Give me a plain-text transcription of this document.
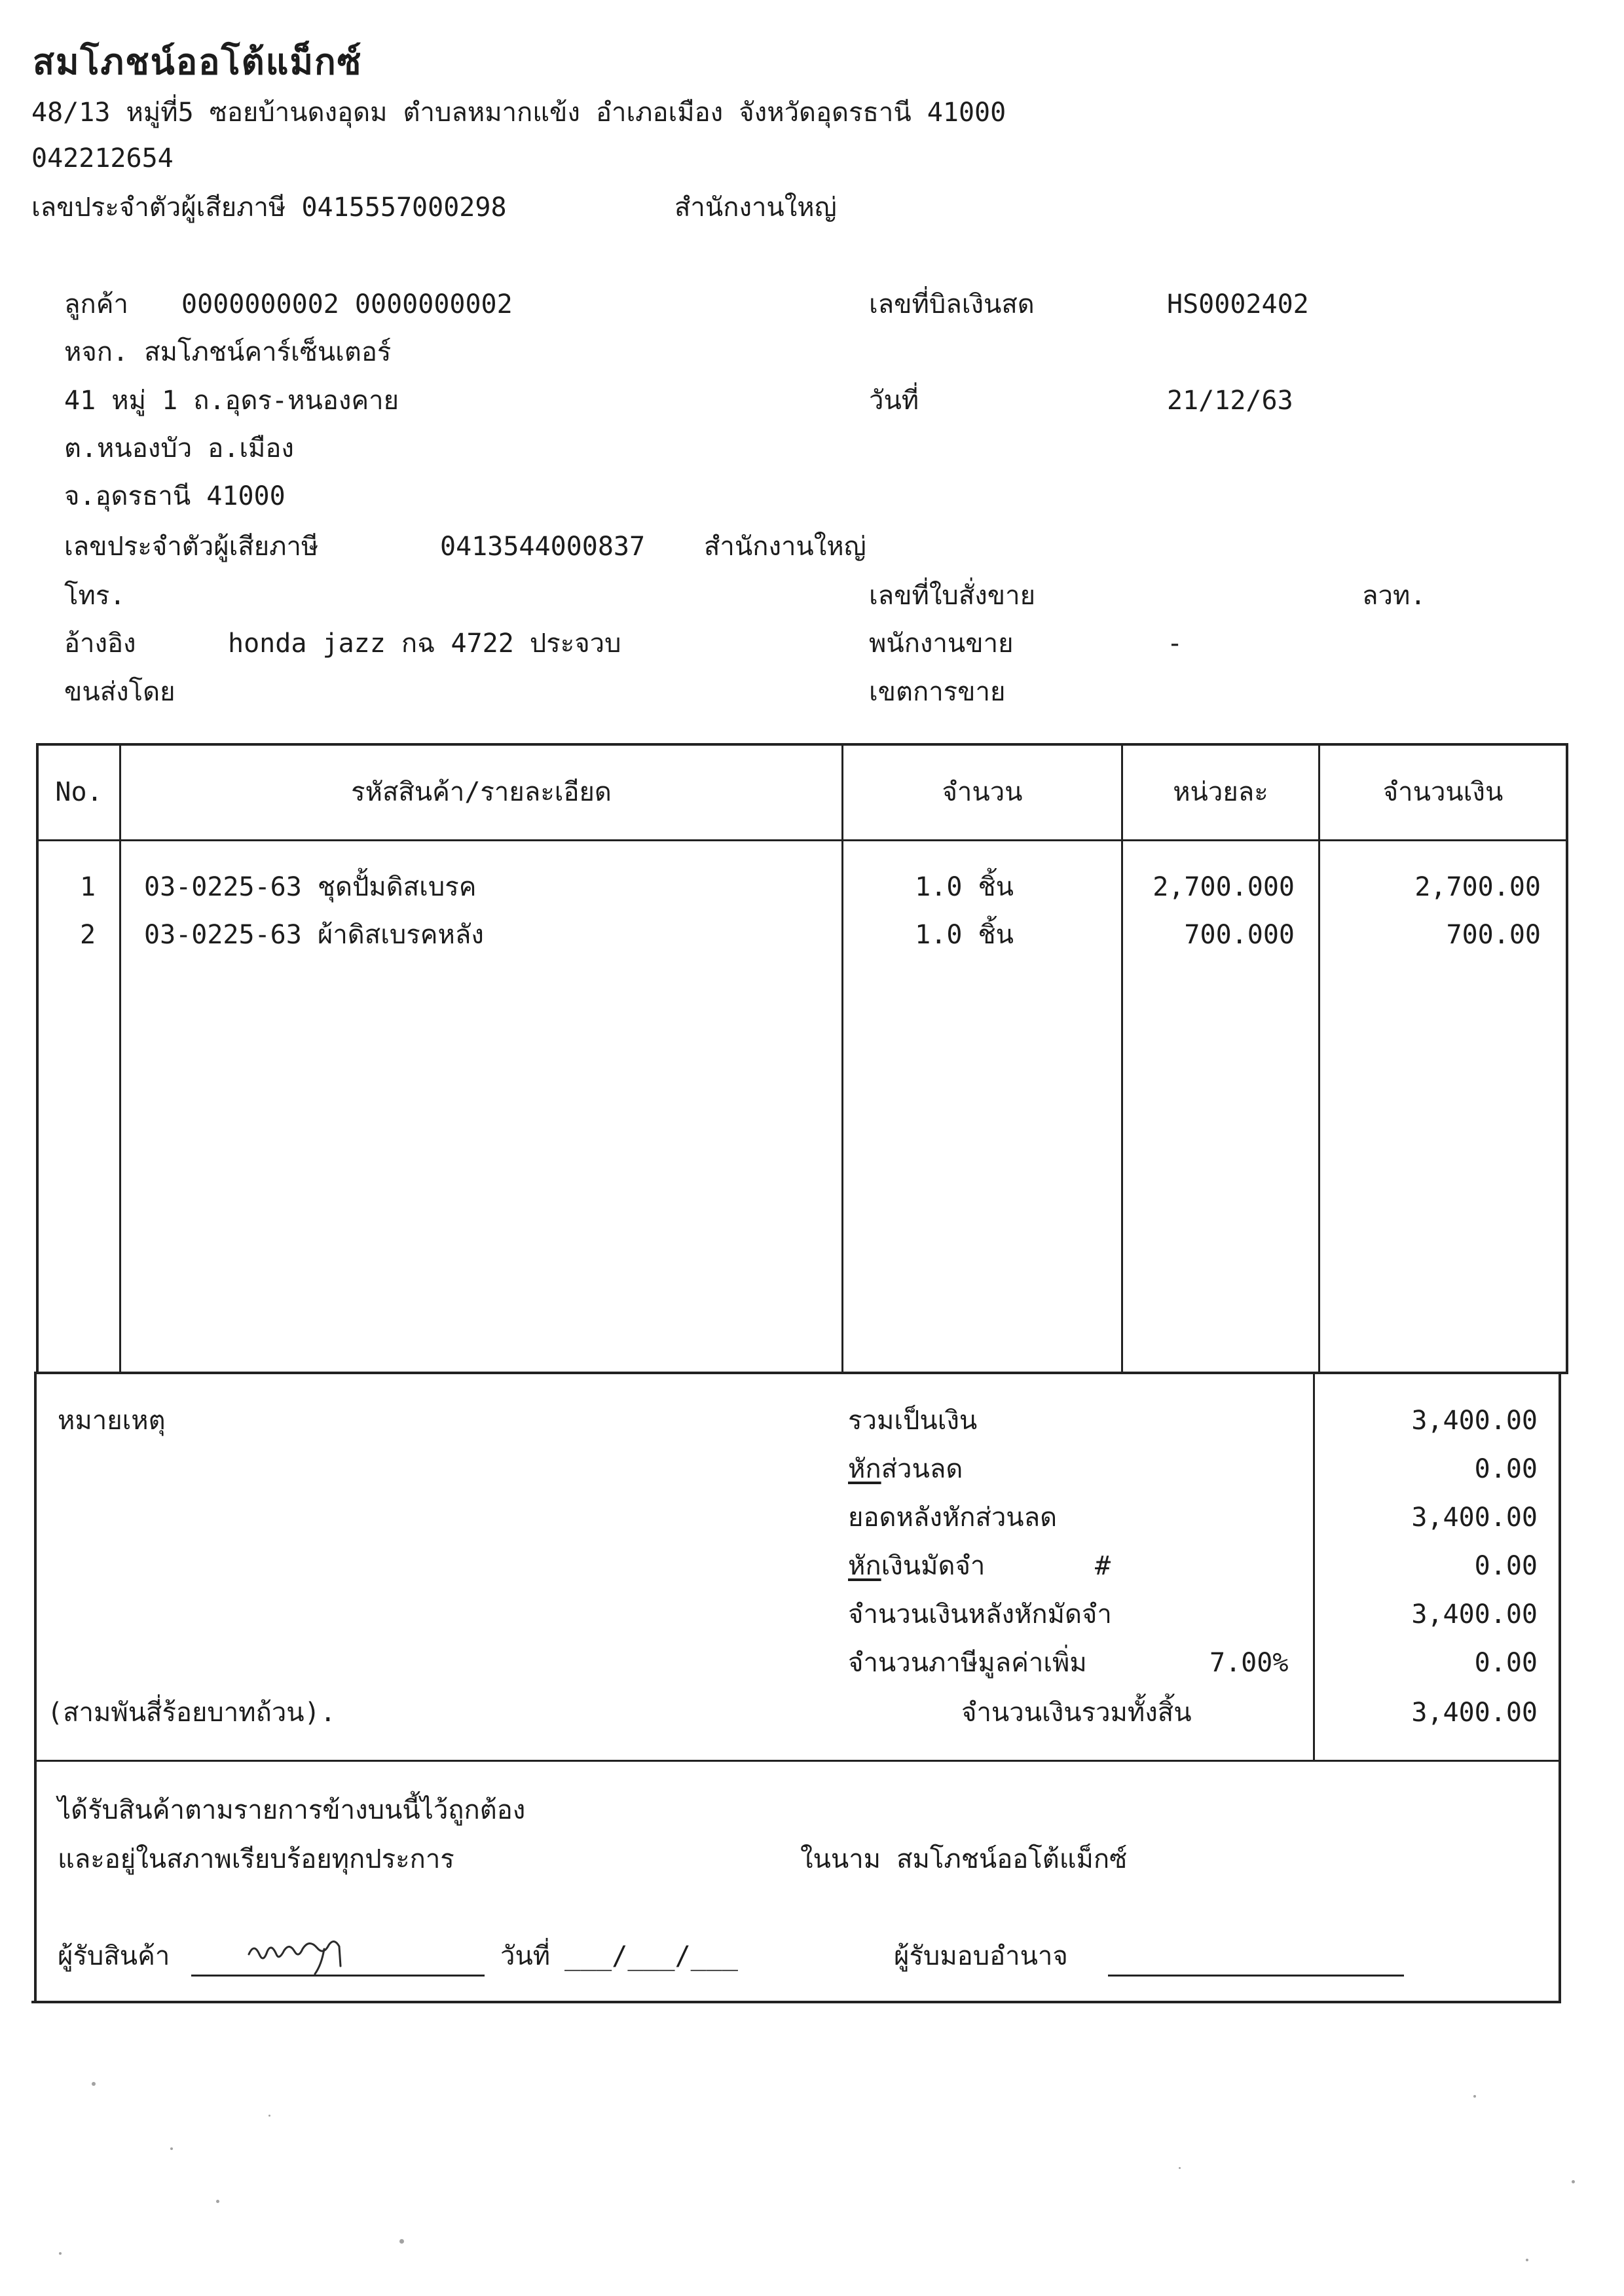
สมโภชน์ออโต้แม็กซ์
48/13 หมู่ที่5 ซอยบ้านดงอุดม ตำบลหมากแข้ง อำเภอเมือง จังหวัดอุดรธานี 41000
042212654
เลขประจำตัวผู้เสียภาษี 0415557000298	สำนักงานใหญ่
ลูกค้า 0000000002 0000000002
หจก. สมโภชน์คาร์เซ็นเตอร์
41 หมู่ 1 ถ.อุดร-หนองคาย
ต.หนองบัว อ.เมือง
จ.อุดรธานี 41000
เลขประจำตัวผู้เสียภาษี	0413544000837 สำนักงานใหญ่
โทร.
อ้างอิง	honda jazz กฉ 4722 ประจวบ
ขนส่งโดย
เลขที่บิลเงินสด	HS0002402
วันที่	21/12/63
เลขที่ใบสั่งขาย	ลวท.
พนักงานขาย	-
เขตการขาย
No.	รหัสสินค้า/รายละเอียด	จำนวน	หน่วยละ	จำนวนเงิน
1	03-0225-63 ชุดปั้มดิสเบรค	1.0 ชิ้น	2,700.000	2,700.00
2	03-0225-63 ผ้าดิสเบรคหลัง	1.0 ชิ้น	700.000	700.00
หมายเหตุ	รวมเป็นเงิน	3,400.00
หักส่วนลด	0.00
ยอดหลังหักส่วนลด	3,400.00
หักเงินมัดจำ	#	0.00
จำนวนเงินหลังหักมัดจำ	3,400.00
จำนวนภาษีมูลค่าเพิ่ม	7.00%	0.00
(สามพันสี่ร้อยบาทถ้วน).	จำนวนเงินรวมทั้งสิ้น	3,400.00
ได้รับสินค้าตามรายการข้างบนนี้ไว้ถูกต้อง
และอยู่ในสภาพเรียบร้อยทุกประการ	ในนาม สมโภชน์ออโต้แม็กซ์
ผู้รับสินค้า	วันที่ ___/___/___	ผู้รับมอบอำนาจ
